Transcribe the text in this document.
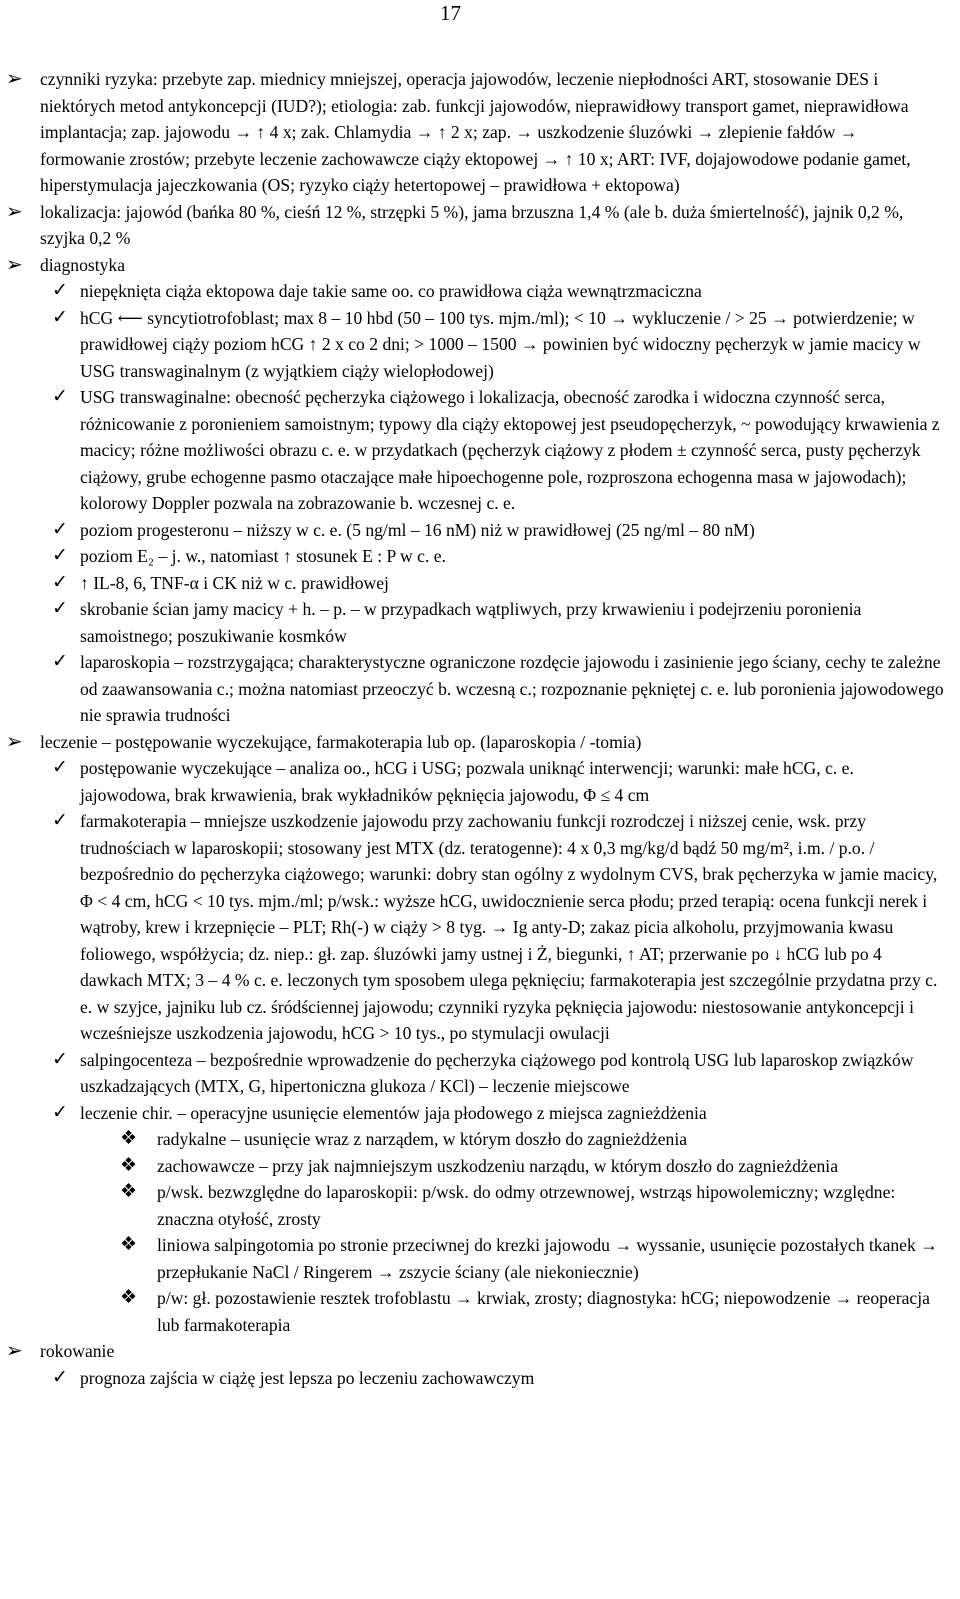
17
➢ czynniki ryzyka: przebyte zap. miednicy mniejszej, operacja jajowodów, leczenie niepłodności ART, stosowanie DES i niektórych metod antykoncepcji (IUD?); etiologia: zab. funkcji jajowodów, nieprawidłowy transport gamet, nieprawidłowa implantacja; zap. jajowodu → ↑ 4 x; zak. Chlamydia → ↑ 2 x; zap. → uszkodzenie śluzówki → zlepienie fałdów → formowanie zrostów; przebyte leczenie zachowawcze ciąży ektopowej → ↑ 10 x; ART: IVF, dojajowodowe podanie gamet, hiperstymulacja jajeczkowania (OS; ryzyko ciąży hetertopowej – prawidłowa + ektopowa)
➢ lokalizacja: jajowód (bańka 80 %, cieśń 12 %, strzępki 5 %), jama brzuszna 1,4 % (ale b. duża śmiertelność), jajnik 0,2 %, szyjka 0,2 %
➢ diagnostyka
✓ niepęknięta ciąża ektopowa daje takie same oo. co prawidłowa ciąża wewnątrzmaciczna
✓ hCG ⟵ syncytiotrofoblast; max 8 – 10 hbd (50 – 100 tys. mjm./ml); < 10 → wykluczenie / > 25 → potwierdzenie; w prawidłowej ciąży poziom hCG ↑ 2 x co 2 dni; > 1000 – 1500 → powinien być widoczny pęcherzyk w jamie macicy w USG transwaginalnym (z wyjątkiem ciąży wielopłodowej)
✓ USG transwaginalne: obecność pęcherzyka ciążowego i lokalizacja, obecność zarodka i widoczna czynność serca, różnicowanie z poronieniem samoistnym; typowy dla ciąży ektopowej jest pseudopęcherzyk, ~ powodujący krwawienia z macicy; różne możliwości obrazu c. e. w przydatkach (pęcherzyk ciążowy z płodem ± czynność serca, pusty pęcherzyk ciążowy, grube echogenne pasmo otaczające małe hipoechogenne pole, rozproszona echogenna masa w jajowodach); kolorowy Doppler pozwala na zobrazowanie b. wczesnej c. e.
✓ poziom progesteronu – niższy w c. e. (5 ng/ml – 16 nM) niż w prawidłowej (25 ng/ml – 80 nM)
✓ poziom E₂ – j. w., natomiast ↑ stosunek E : P w c. e.
✓ ↑ IL-8, 6, TNF-α i CK niż w c. prawidłowej
✓ skrobanie ścian jamy macicy + h. – p. – w przypadkach wątpliwych, przy krwawieniu i podejrzeniu poronienia samoistnego; poszukiwanie kosmków
✓ laparoskopia – rozstrzygająca; charakterystyczne ograniczone rozdęcie jajowodu i zasinienie jego ściany, cechy te zależne od zaawansowania c.; można natomiast przeoczyć b. wczesną c.; rozpoznanie pękniętej c. e. lub poronienia jajowodowego nie sprawia trudności
➢ leczenie – postępowanie wyczekujące, farmakoterapia lub op. (laparoskopia / -tomia)
✓ postępowanie wyczekujące – analiza oo., hCG i USG; pozwala uniknąć interwencji; warunki: małe hCG, c. e. jajowodowa, brak krwawienia, brak wykładników pęknięcia jajowodu, Φ ≤ 4 cm
✓ farmakoterapia – mniejsze uszkodzenie jajowodu przy zachowaniu funkcji rozrodczej i niższej cenie, wsk. przy trudnościach w laparoskopii; stosowany jest MTX (dz. teratogenne): 4 x 0,3 mg/kg/d bądź 50 mg/m², i.m. / p.o. / bezpośrednio do pęcherzyka ciążowego; warunki: dobry stan ogólny z wydolnym CVS, brak pęcherzyka w jamie macicy, Φ < 4 cm, hCG < 10 tys. mjm./ml; p/wsk.: wyższe hCG, uwidocznienie serca płodu; przed terapią: ocena funkcji nerek i wątroby, krew i krzepnięcie – PLT; Rh(-) w ciąży > 8 tyg. → Ig anty-D; zakaz picia alkoholu, przyjmowania kwasu foliowego, współżycia; dz. niep.: gł. zap. śluzówki jamy ustnej i Ż, biegunki, ↑ AT; przerwanie po ↓ hCG lub po 4 dawkach MTX; 3 – 4 % c. e. leczonych tym sposobem ulega pęknięciu; farmakoterapia jest szczególnie przydatna przy c. e. w szyjce, jajniku lub cz. śródściennej jajowodu; czynniki ryzyka pęknięcia jajowodu: niestosowanie antykoncepcji i wcześniejsze uszkodzenia jajowodu, hCG > 10 tys., po stymulacji owulacji
✓ salpingocenteza – bezpośrednie wprowadzenie do pęcherzyka ciążowego pod kontrolą USG lub laparoskop związków uszkadzających (MTX, G, hipertoniczna glukoza / KCl) – leczenie miejscowe
✓ leczenie chir. – operacyjne usunięcie elementów jaja płodowego z miejsca zagnieżdżenia
❖ radykalne – usunięcie wraz z narządem, w którym doszło do zagnieżdżenia
❖ zachowawcze – przy jak najmniejszym uszkodzeniu narządu, w którym doszło do zagnieżdżenia
❖ p/wsk. bezwzględne do laparoskopii: p/wsk. do odmy otrzewnowej, wstrząs hipowolemiczny; względne: znaczna otyłość, zrosty
❖ liniowa salpingotomia po stronie przeciwnej do krezki jajowodu → wyssanie, usunięcie pozostałych tkanek → przepłukanie NaCl / Ringerem → zszycie ściany (ale niekoniecznie)
❖ p/w: gł. pozostawienie resztek trofoblastu → krwiak, zrosty; diagnostyka: hCG; niepowodzenie → reoperacja lub farmakoterapia
➢ rokowanie
✓ prognoza zajścia w ciążę jest lepsza po leczeniu zachowawczym
